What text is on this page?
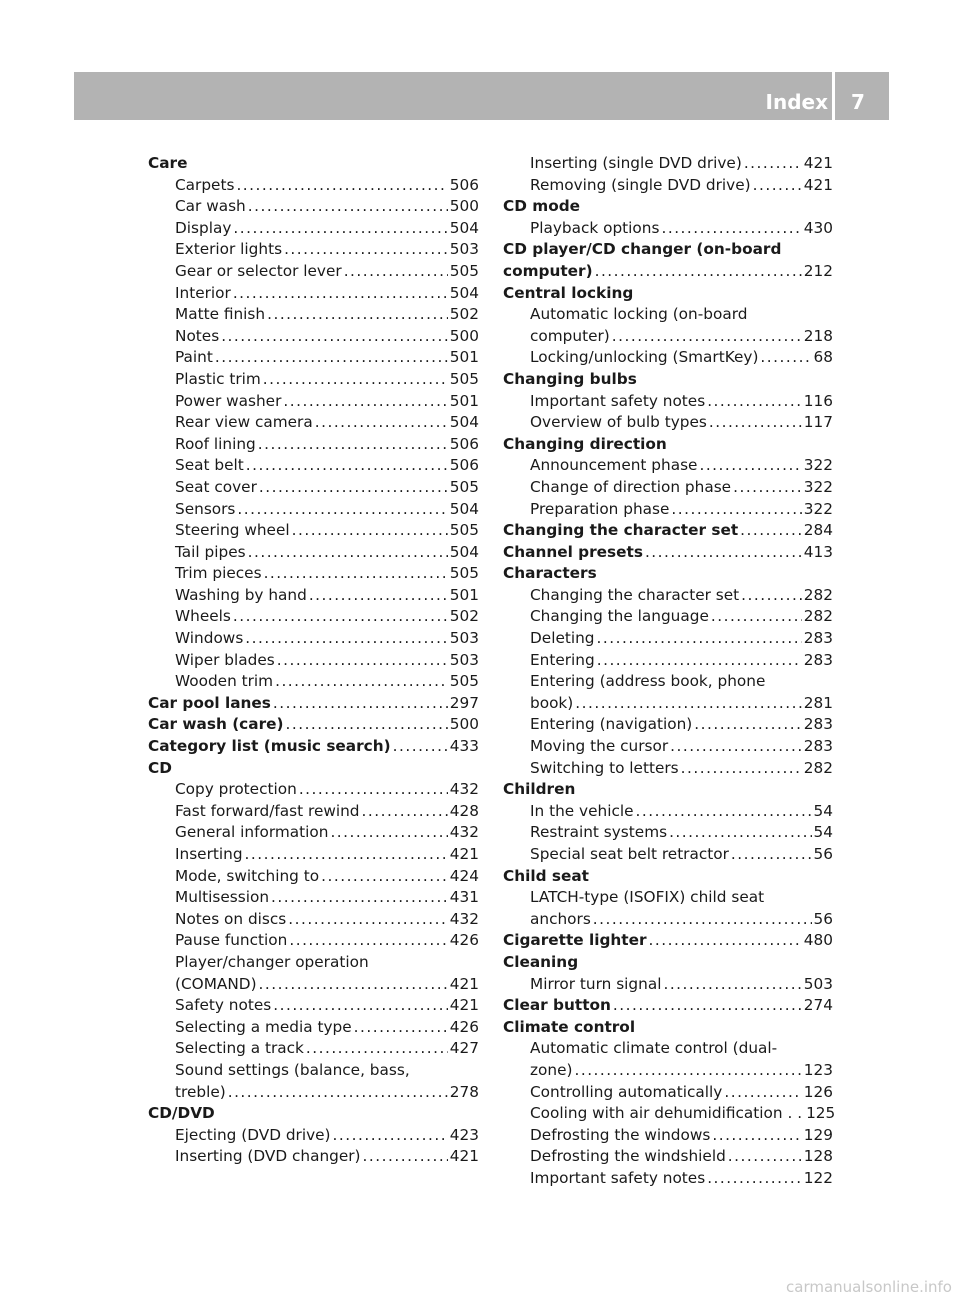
Index	7
Care
Carpets .....	506
Car wash .....	500
Display .....	504
Exterior lights .....	503
Gear or selector lever .....	505
Interior .....	504
Matte finish .....	502
Notes .....	500
Paint .....	501
Plastic trim .....	505
Power washer .....	501
Rear view camera .....	504
Roof lining .....	506
Seat belt .....	506
Seat cover .....	505
Sensors .....	504
Steering wheel .....	505
Tail pipes .....	504
Trim pieces .....	505
Washing by hand .....	501
Wheels .....	502
Windows .....	503
Wiper blades .....	503
Wooden trim .....	505
Car pool lanes .....	297
Car wash (care) .....	500
Category list (music search) .....	433
CD
Copy protection .....	432
Fast forward/fast rewind .....	428
General information .....	432
Inserting .....	421
Mode, switching to .....	424
Multisession .....	431
Notes on discs .....	432
Pause function .....	426
Player/changer operation
(COMAND) .....	421
Safety notes .....	421
Selecting a media type .....	426
Selecting a track .....	427
Sound settings (balance, bass,
treble) .....	278
CD/DVD
Ejecting (DVD drive) .....	423
Inserting (DVD changer) .....	421
Inserting (single DVD drive) .....	421
Removing (single DVD drive) .....	421
CD mode
Playback options .....	430
CD player/CD changer (on-board
computer) .....	212
Central locking
Automatic locking (on-board
computer) .....	218
Locking/unlocking (SmartKey) .....	68
Changing bulbs
Important safety notes .....	116
Overview of bulb types .....	117
Changing direction
Announcement phase .....	322
Change of direction phase .....	322
Preparation phase .....	322
Changing the character set .....	284
Channel presets .....	413
Characters
Changing the character set .....	282
Changing the language .....	282
Deleting .....	283
Entering .....	283
Entering (address book, phone
book) .....	281
Entering (navigation) .....	283
Moving the cursor .....	283
Switching to letters .....	282
Children
In the vehicle .....	54
Restraint systems .....	54
Special seat belt retractor .....	56
Child seat
LATCH-type (ISOFIX) child seat
anchors .....	56
Cigarette lighter .....	480
Cleaning
Mirror turn signal .....	503
Clear button .....	274
Climate control
Automatic climate control (dual-
zone) .....	123
Controlling automatically .....	126
Cooling with air dehumidification . . 125
Defrosting the windows .....	129
Defrosting the windshield .....	128
Important safety notes .....	122
carmanualsonline.info
